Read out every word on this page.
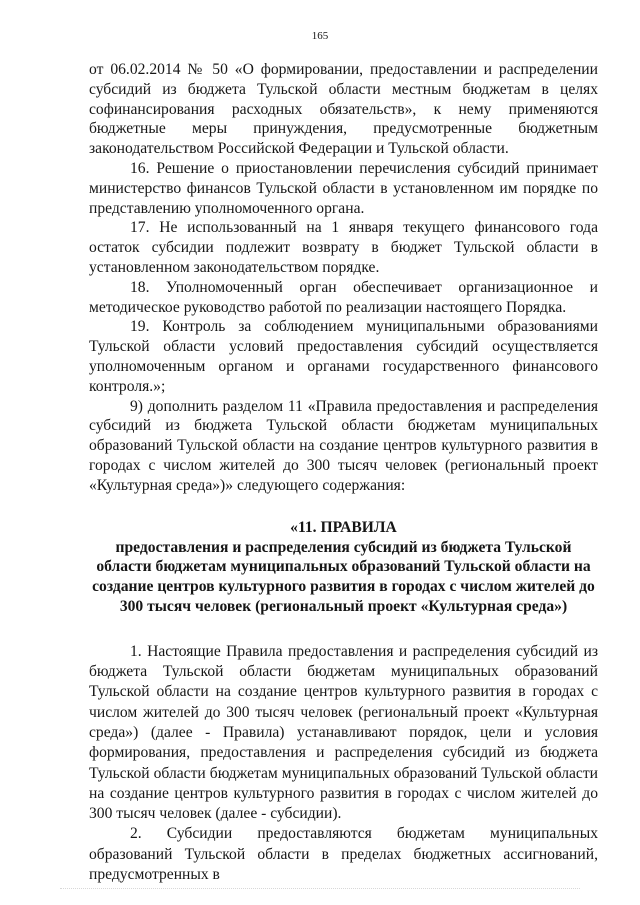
165

от 06.02.2014 № 50 «О формировании, предоставлении и распределении субсидий из бюджета Тульской области местным бюджетам в целях софинансирования расходных обязательств», к нему применяются бюджетные меры принуждения, предусмотренные бюджетным законодательством Российской Федерации и Тульской области.

16. Решение о приостановлении перечисления субсидий принимает министерство финансов Тульской области в установленном им порядке по представлению уполномоченного органа.

17. Не использованный на 1 января текущего финансового года остаток субсидии подлежит возврату в бюджет Тульской области в установленном законодательством порядке.

18. Уполномоченный орган обеспечивает организационное и методическое руководство работой по реализации настоящего Порядка.

19. Контроль за соблюдением муниципальными образованиями Тульской области условий предоставления субсидий осуществляется уполномоченным органом и органами государственного финансового контроля.»;

9) дополнить разделом 11 «Правила предоставления и распределения субсидий из бюджета Тульской области бюджетам муниципальных образований Тульской области на создание центров культурного развития в городах с числом жителей до 300 тысяч человек (региональный проект «Культурная среда»)» следующего содержания:

«11. ПРАВИЛА
предоставления и распределения субсидий из бюджета Тульской области бюджетам муниципальных образований Тульской области на создание центров культурного развития в городах с числом жителей до 300 тысяч человек (региональный проект «Культурная среда»)

1. Настоящие Правила предоставления и распределения субсидий из бюджета Тульской области бюджетам муниципальных образований Тульской области на создание центров культурного развития в городах с числом жителей до 300 тысяч человек (региональный проект «Культурная среда») (далее - Правила) устанавливают порядок, цели и условия формирования, предоставления и распределения субсидий из бюджета Тульской области бюджетам муниципальных образований Тульской области на создание центров культурного развития в городах с числом жителей до 300 тысяч человек (далее - субсидии).

2. Субсидии предоставляются бюджетам муниципальных образований Тульской области в пределах бюджетных ассигнований, предусмотренных в
